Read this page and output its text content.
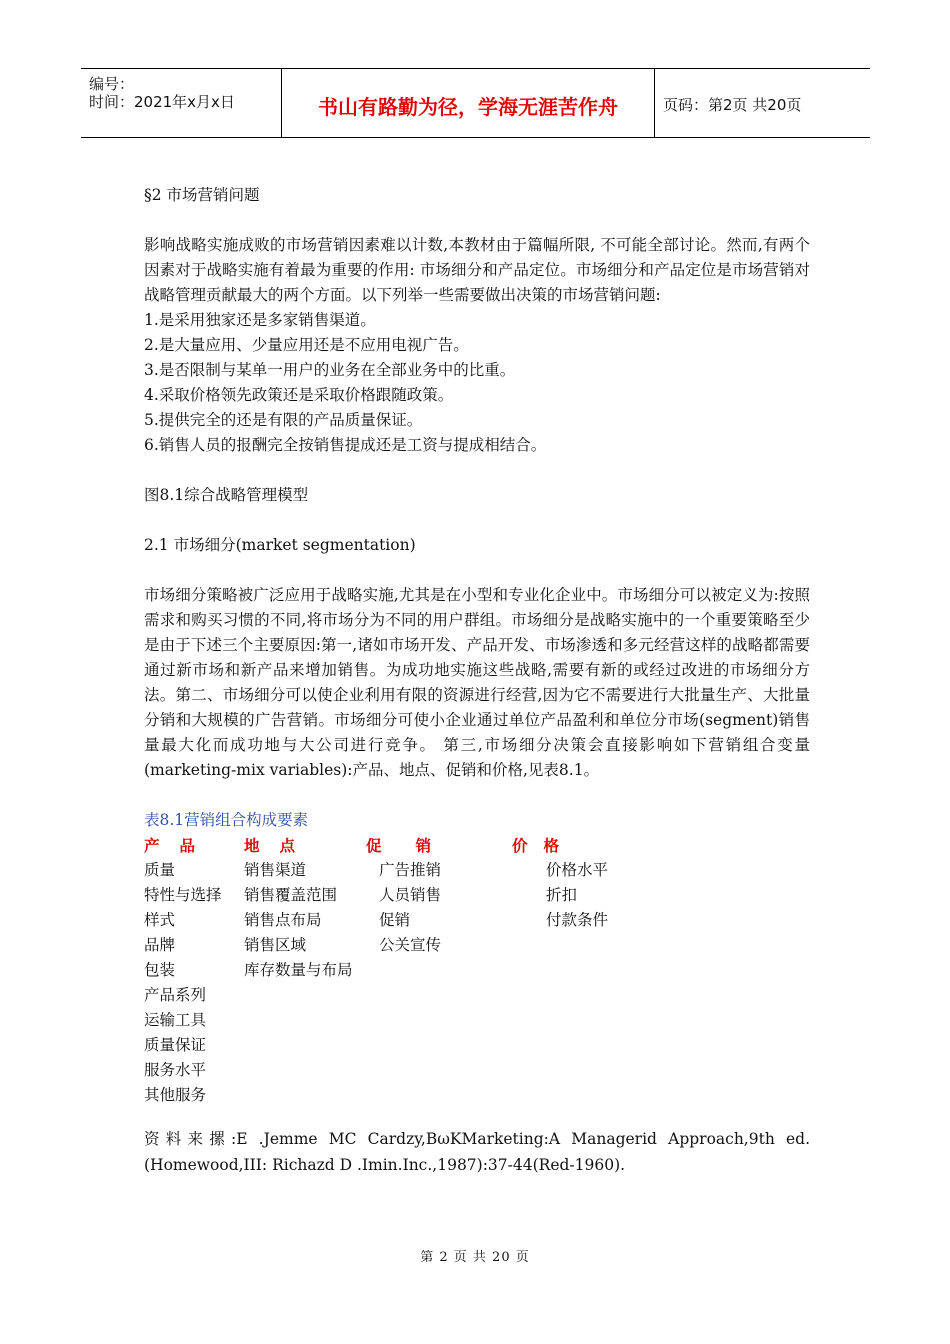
编号：
时间：2021年x月x日	书山有路勤为径，学海无涯苦作舟	页码：第2页 共20页

§2 市场营销问题

影响战略实施成败的市场营销因素难以计数,本教材由于篇幅所限, 不可能全部讨论。然而,有两个因素对于战略实施有着最为重要的作用: 市场细分和产品定位。市场细分和产品定位是市场营销对战略管理贡献最大的两个方面。以下列举一些需要做出决策的市场营销问题:

1.是采用独家还是多家销售渠道。

2.是大量应用、少量应用还是不应用电视广告。

3.是否限制与某单一用户的业务在全部业务中的比重。

4.采取价格领先政策还是采取价格跟随政策。

5.提供完全的还是有限的产品质量保证。

6.销售人员的报酬完全按销售提成还是工资与提成相结合。

图8.1综合战略管理模型

2.1 市场细分(market segmentation)

市场细分策略被广泛应用于战略实施,尤其是在小型和专业化企业中。市场细分可以被定义为:按照需求和购买习惯的不同,将市场分为不同的用户群组。市场细分是战略实施中的一个重要策略至少是由于下述三个主要原因:第一,诸如市场开发、产品开发、市场渗透和多元经营这样的战略都需要通过新市场和新产品来增加销售。为成功地实施这些战略,需要有新的或经过改进的市场细分方法。第二、市场细分可以使企业利用有限的资源进行经营,因为它不需要进行大批量生产、大批量分销和大规模的广告营销。市场细分可使小企业通过单位产品盈利和单位分市场(segment)销售量最大化而成功地与大公司进行竞争。 第三,市场细分决策会直接影响如下营销组合变量(marketing-mix variables):产品、地点、促销和价格,见表8.1。

表8.1营销组合构成要素

产品
质量
特性与选择
样式
品牌
包装
产品系列
运输工具
质量保证
服务水平
其他服务
地点
销售渠道
销售覆盖范围
销售点布局
销售区域
库存数量与布局
促销
广告推销
人员销售
促销
公关宣传
价格
价格水平
折扣
付款条件

资料来摞:E .Jemme MC Cardzy,BωKMarketing:A Managerid Approach,9th ed.(Homewood,III: Richazd D .Imin.Inc.,1987):37-44(Red-1960).

第 2 页 共 20 页
